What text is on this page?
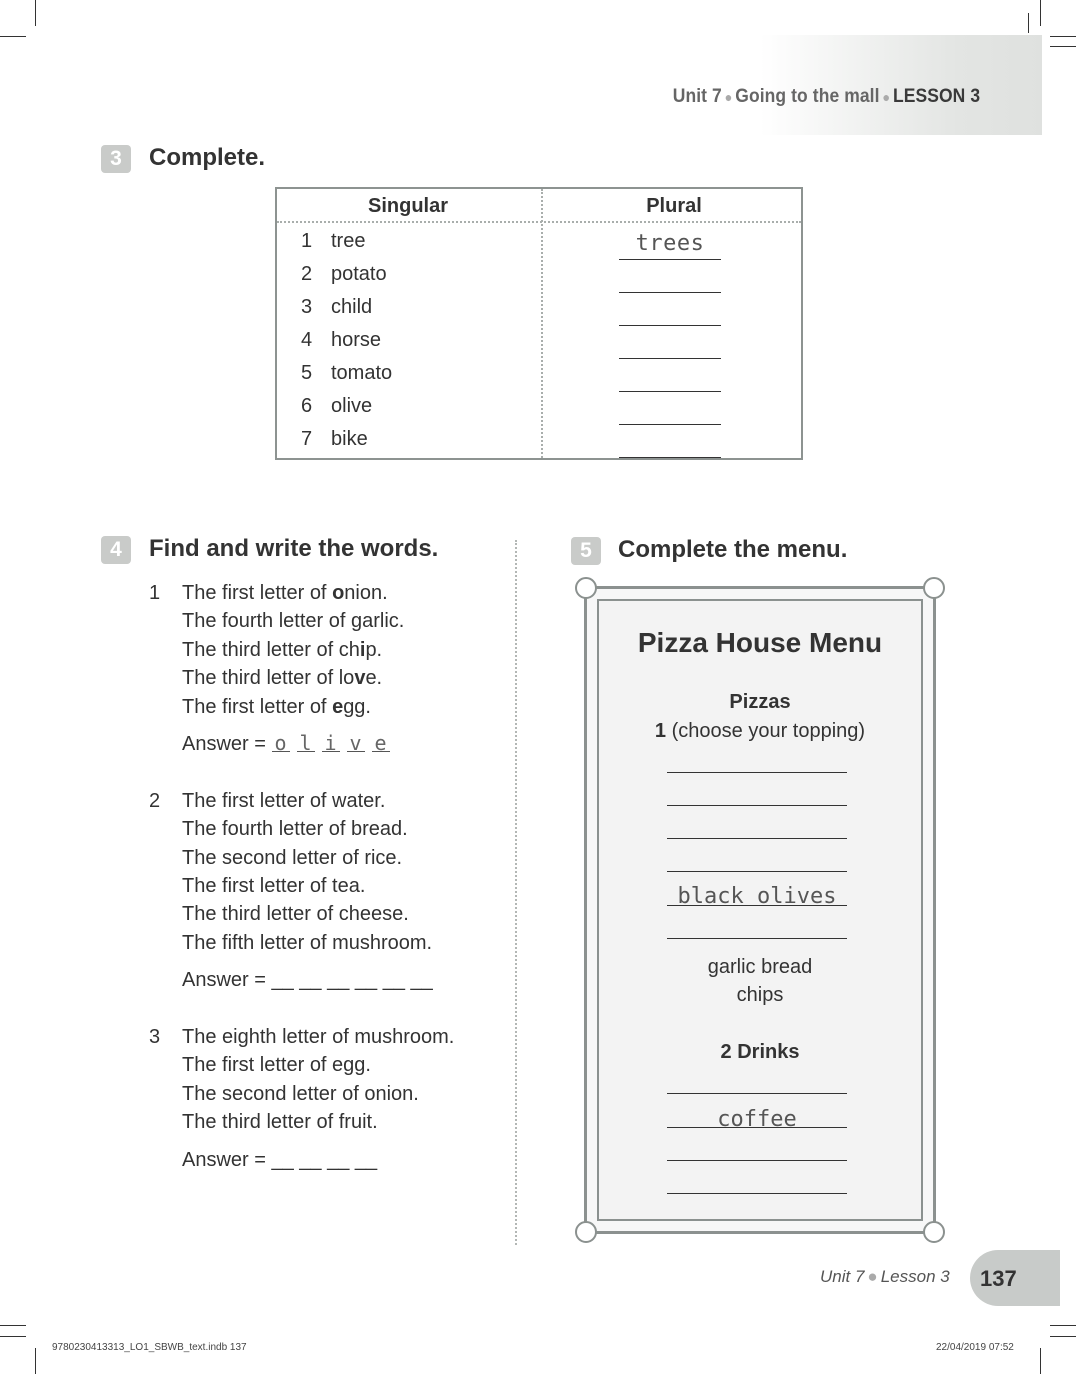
Unit 7 ● Going to the mall ● LESSON 3
3	Complete.
Singular	Plural
1 tree	trees
2 potato
3 child
4 horse
5 tomato
6 olive
7 bike
4	Find and write the words.
1 The first letter of onion.
The fourth letter of garlic.
The third letter of chip.
The third letter of love.
The first letter of egg.
Answer = o l i v e
2 The first letter of water.
The fourth letter of bread.
The second letter of rice.
The first letter of tea.
The third letter of cheese.
The fifth letter of mushroom.
Answer = __ __ __ __ __ __
3 The eighth letter of mushroom.
The first letter of egg.
The second letter of onion.
The third letter of fruit.
Answer = __ __ __ __
5	Complete the menu.
Pizza House Menu
Pizzas
1 (choose your topping)
black olives
garlic bread
chips
2 Drinks
coffee
Unit 7 ● Lesson 3 137
9780230413313_LO1_SBWB_text.indb 137	22/04/2019 07:52
